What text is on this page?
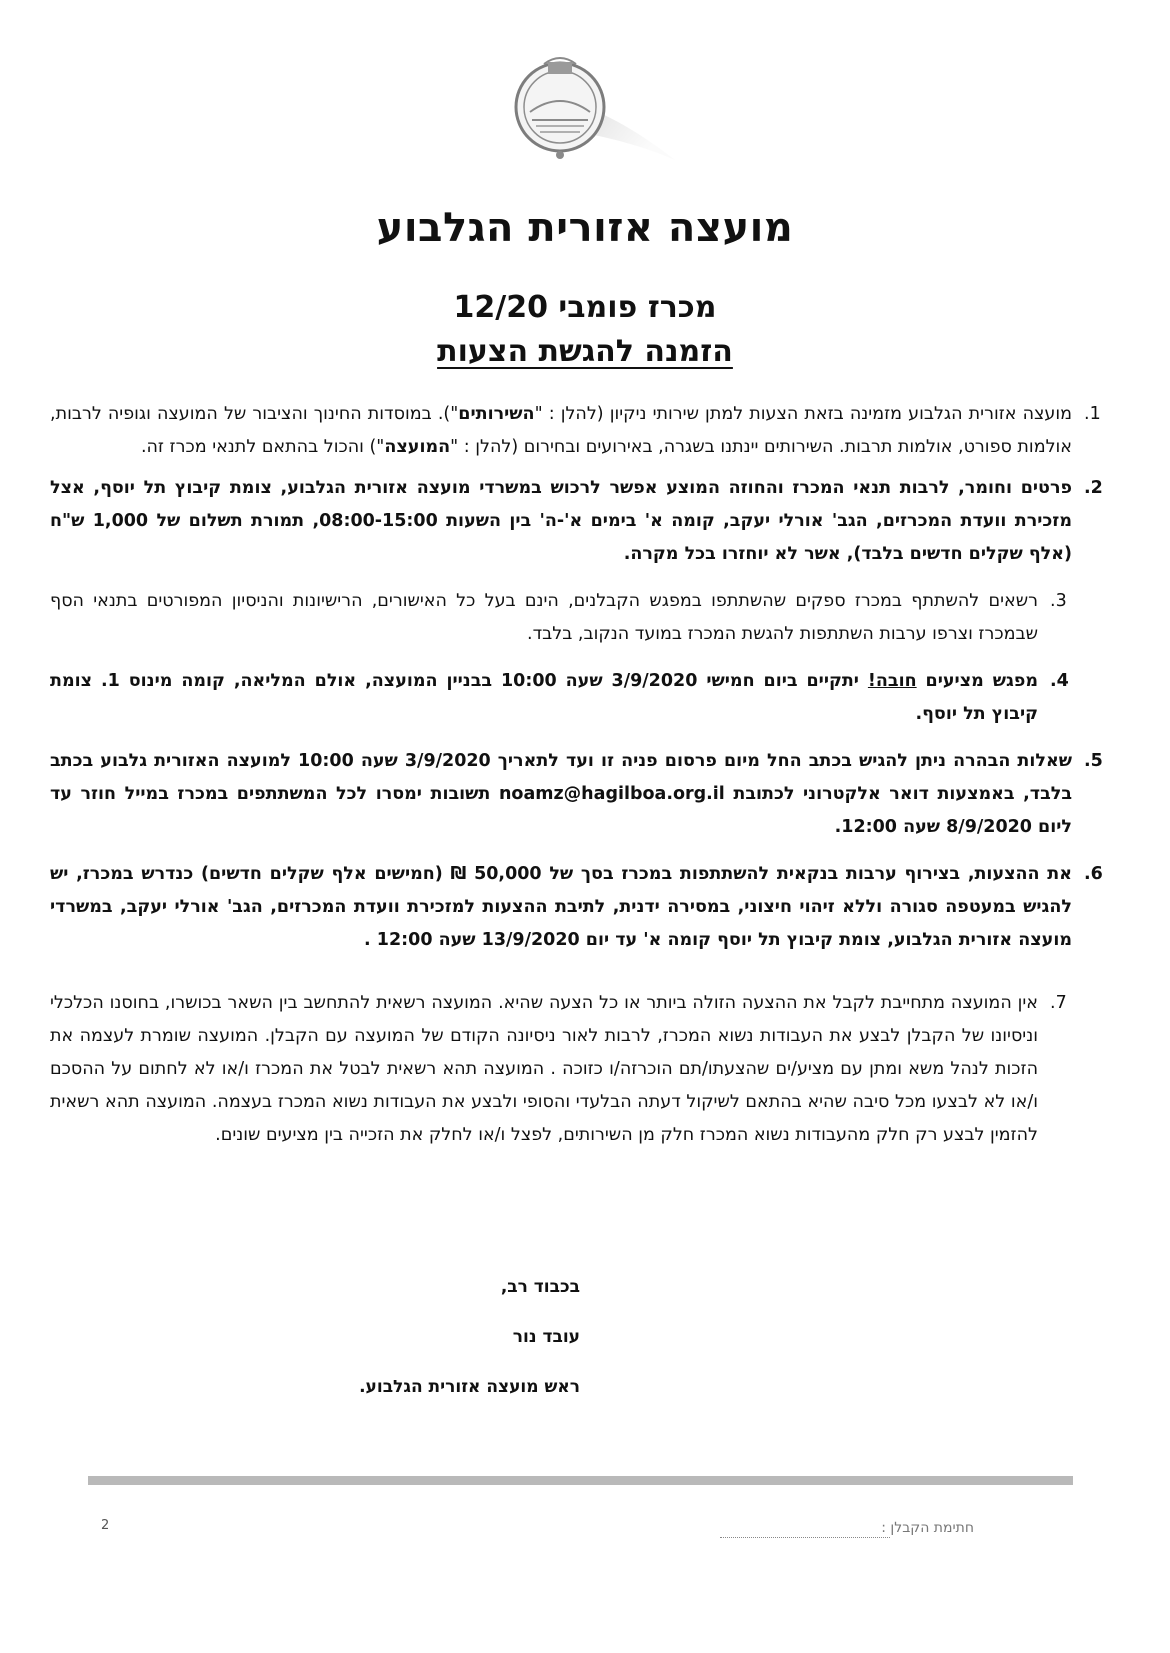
מועצה אזורית הגלבוע
מכרז פומבי 12/20
הזמנה להגשת הצעות
1.
מועצה אזורית הגלבוע מזמינה בזאת הצעות למתן שירותי ניקיון (להלן : "השירותים"). במוסדות החינוך והציבור של המועצה וגופיה לרבות, אולמות ספורט, אולמות תרבות. השירותים יינתנו בשגרה, באירועים ובחירום (להלן : "המועצה") והכול בהתאם לתנאי מכרז זה.
2.
פרטים וחומר, לרבות תנאי המכרז והחוזה המוצע אפשר לרכוש במשרדי מועצה אזורית הגלבוע, צומת קיבוץ תל יוסף, אצל מזכירת וועדת המכרזים, הגב' אורלי יעקב, קומה א' בימים א'-ה' בין השעות 08:00-15:00, תמורת תשלום של 1,000 ש"ח (אלף שקלים חדשים בלבד), אשר לא יוחזרו בכל מקרה.
3.
רשאים להשתתף במכרז ספקים שהשתתפו במפגש הקבלנים, הינם בעל כל האישורים, הרישיונות והניסיון המפורטים בתנאי הסף שבמכרז וצרפו ערבות השתתפות להגשת המכרז במועד הנקוב, בלבד.
4.
מפגש מציעים חובה! יתקיים ביום חמישי 3/9/2020 שעה 10:00 בבניין המועצה, אולם המליאה, קומה מינוס 1. צומת קיבוץ תל יוסף.
5.
שאלות הבהרה ניתן להגיש בכתב החל מיום פרסום פניה זו ועד לתאריך 3/9/2020 שעה 10:00 למועצה האזורית גלבוע בכתב בלבד, באמצעות דואר אלקטרוני לכתובת noamz@hagilboa.org.il תשובות ימסרו לכל המשתתפים במכרז במייל חוזר עד ליום 8/9/2020 שעה 12:00.
6.
את ההצעות, בצירוף ערבות בנקאית להשתתפות במכרז בסך של 50,000 ₪ (חמישים אלף שקלים חדשים) כנדרש במכרז, יש להגיש במעטפה סגורה וללא זיהוי חיצוני, במסירה ידנית, לתיבת ההצעות למזכירת וועדת המכרזים, הגב' אורלי יעקב, במשרדי מועצה אזורית הגלבוע, צומת קיבוץ תל יוסף קומה א' עד יום 13/9/2020 שעה 12:00 .
7.
אין המועצה מתחייבת לקבל את ההצעה הזולה ביותר או כל הצעה שהיא. המועצה רשאית להתחשב בין השאר בכושרו, בחוסנו הכלכלי וניסיונו של הקבלן לבצע את העבודות נשוא המכרז, לרבות לאור ניסיונה הקודם של המועצה עם הקבלן. המועצה שומרת לעצמה את הזכות לנהל משא ומתן עם מציע/ים שהצעתו/תם הוכרזה/ו כזוכה . המועצה תהא רשאית לבטל את המכרז ו/או לא לחתום על ההסכם ו/או לא לבצעו מכל סיבה שהיא בהתאם לשיקול דעתה הבלעדי והסופי ולבצע את העבודות נשוא המכרז בעצמה. המועצה תהא רשאית להזמין לבצע רק חלק מהעבודות נשוא המכרז חלק מן השירותים, לפצל ו/או לחלק את הזכייה בין מציעים שונים.
בכבוד רב,
עובד נור
ראש מועצה אזורית הגלבוע.
2	חתימת הקבלן :
